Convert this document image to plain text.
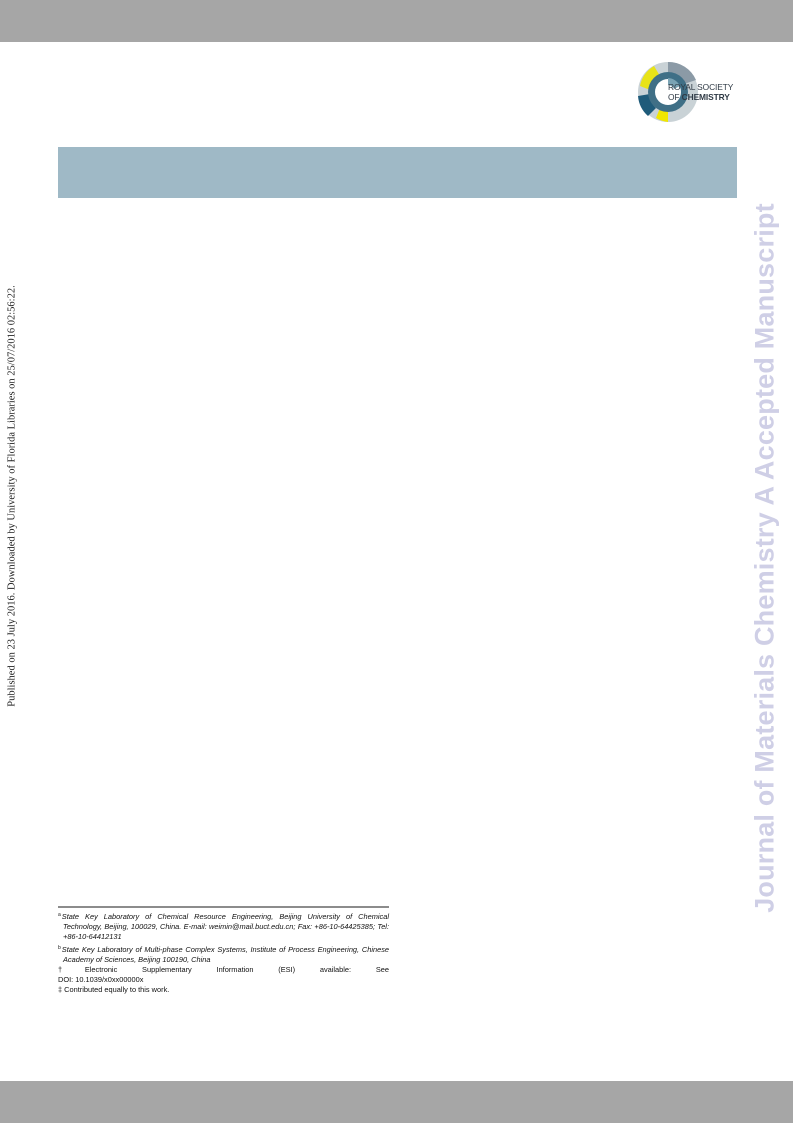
ROYAL SOCIETY
OF CHEMISTRY
Published on 23 July 2016. Downloaded by University of Florida Libraries on 25/07/2016 02:56:22.	Journal of Materials Chemistry A Accepted Manuscript

$^a$State Key Laboratory of Chemical Resource Engineering, Beijing University of Chemical Technology, Beijing, 100029, China. E-mail: weimin@mail.buct.edu.cn; Fax: +86-10-64425385; Tel: +86-10-64412131

$^b$State Key Laboratory of Multi-phase Complex Systems, Institute of Process Engineering, Chinese Academy of Sciences, Beijing 100190, China

†Electronic Supplementary Information (ESI) available: See

DOI: 10.1039/x0xx00000x

‡ Contributed equally to this work.
